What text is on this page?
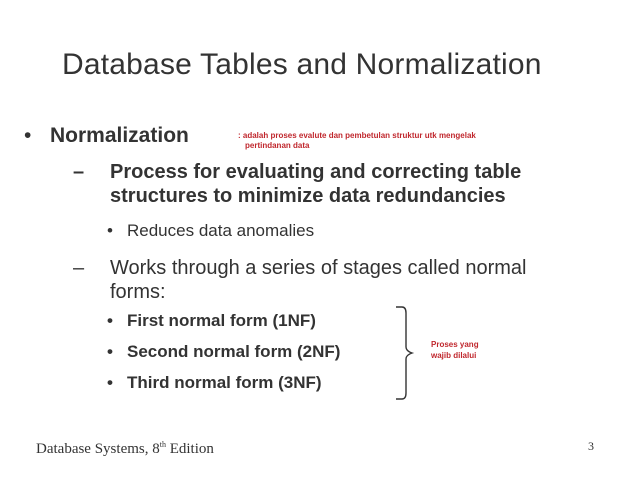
Database Tables and Normalization
• Normalization	: adalah proses evalute dan pembetulan struktur utk mengelak
pertindanan data
– Process for evaluating and correcting table
structures to minimize data redundancies
• Reduces data anomalies
– Works through a series of stages called normal
forms:
• First normal form (1NF)
• Second normal form (2NF)
• Third normal form (3NF)
Proses yang
wajib dilalui
Database Systems, 8th Edition	3
